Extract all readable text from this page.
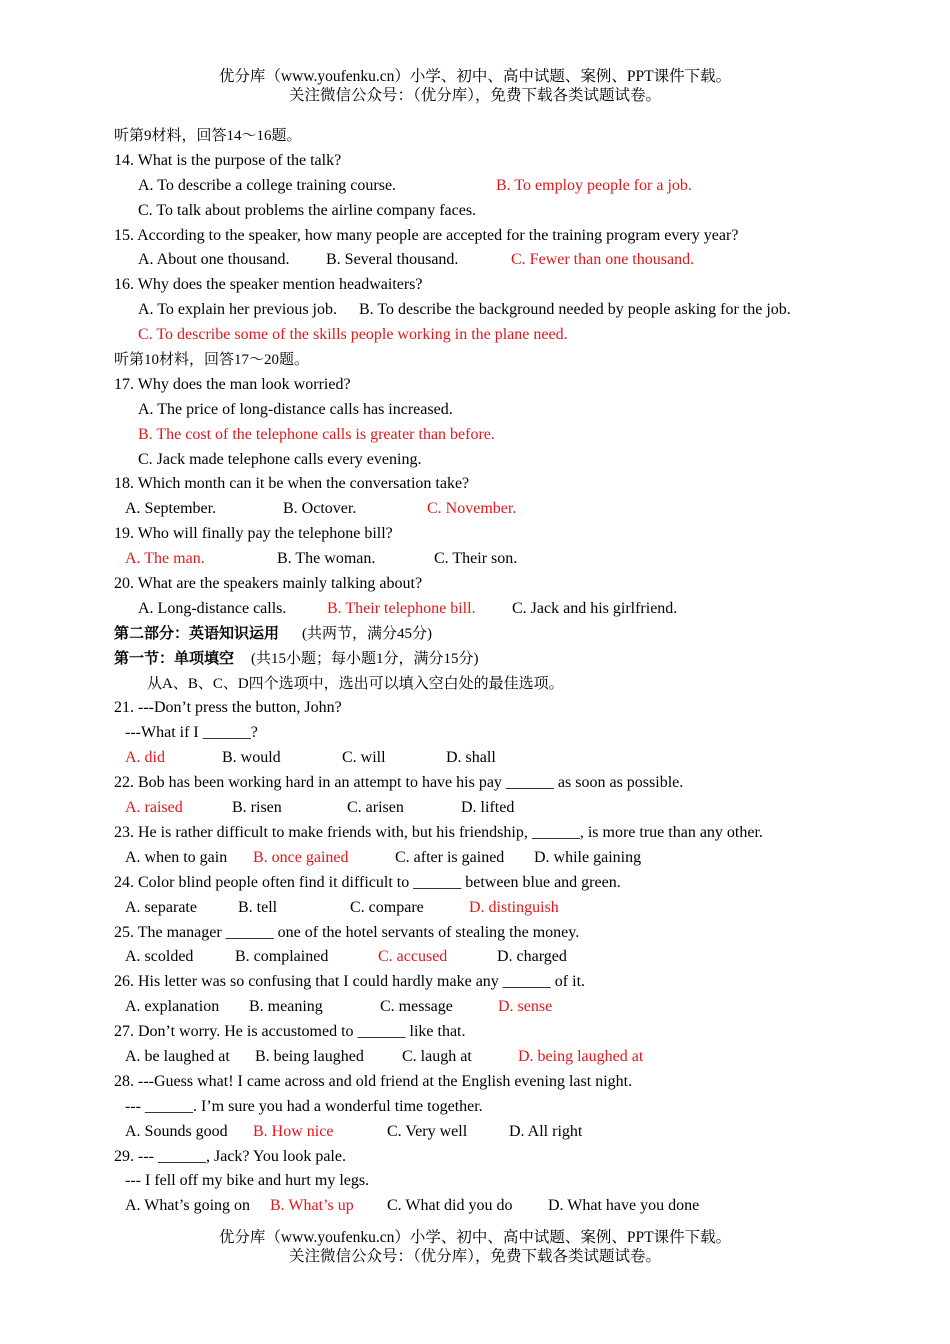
优分库（www.youfenku.cn）小学、初中、高中试题、案例、PPT课件下载。
关注微信公众号：（优分库），免费下载各类试题试卷。
听第9材料，回答14～16题。
14. What is the purpose of the talk?
A. To describe a college training course.	B. To employ people for a job.
C. To talk about problems the airline company faces.
15. According to the speaker, how many people are accepted for the training program every year?
A. About one thousand. B. Several thousand.	C. Fewer than one thousand.
16. Why does the speaker mention headwaiters?
A. To explain her previous job. B. To describe the background needed by people asking for the job.
C. To describe some of the skills people working in the plane need.
听第10材料，回答17～20题。
17. Why does the man look worried?
A. The price of long-distance calls has increased.
B. The cost of the telephone calls is greater than before.
C. Jack made telephone calls every evening.
18. Which month can it be when the conversation take?
A. September.	B. Octover.	C. November.
19. Who will finally pay the telephone bill?
A. The man.	B. The woman.	C. Their son.
20. What are the speakers mainly talking about?
A. Long-distance calls.	B. Their telephone bill. C. Jack and his girlfriend.
第二部分：英语知识运用 (共两节，满分45分)
第一节：单项填空 (共15小题；每小题1分，满分15分)
从A、B、C、D四个选项中，选出可以填入空白处的最佳选项。
21. ---Don’t press the button, John?
---What if I ______?
A. did	B. would	C. will	D. shall
22. Bob has been working hard in an attempt to have his pay ______ as soon as possible.
A. raised	B. risen	C. arisen	D. lifted
23. He is rather difficult to make friends with, but his friendship, ______, is more true than any other.
A. when to gain B. once gained	C. after is gained D. while gaining
24. Color blind people often find it difficult to ______ between blue and green.
A. separate	B. tell	C. compare	D. distinguish
25. The manager ______ one of the hotel servants of stealing the money.
A. scolded	B. complained	C. accused	D. charged
26. His letter was so confusing that I could hardly make any ______ of it.
A. explanation B. meaning	C. message	D. sense
27. Don’t worry. He is accustomed to ______ like that.
A. be laughed at B. being laughed C. laugh at	D. being laughed at
28. ---Guess what! I came across and old friend at the English evening last night.
--- ______. I’m sure you had a wonderful time together.
A. Sounds good B. How nice	C. Very well	D. All right
29. --- ______, Jack? You look pale.
--- I fell off my bike and hurt my legs.
A. What’s going on B. What’s up C. What did you do D. What have you done
优分库（www.youfenku.cn）小学、初中、高中试题、案例、PPT课件下载。
关注微信公众号：（优分库），免费下载各类试题试卷。
